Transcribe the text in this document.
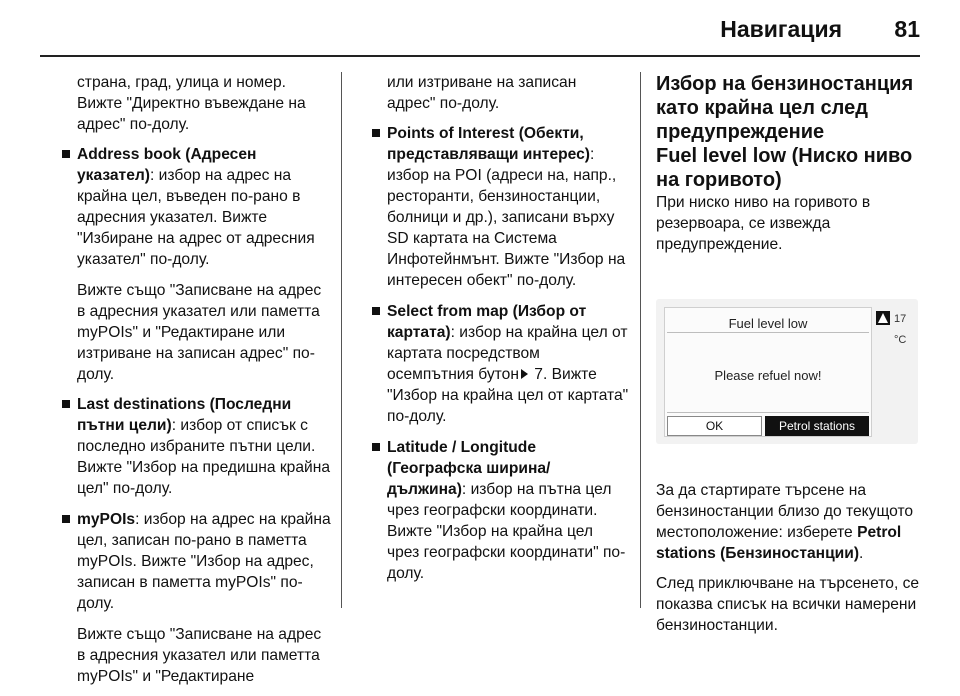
Навигация 81

страна, град, улица и номер. Вижте "Директно въвеждане на адрес" по-долу.

Address book (Адресен указател): избор на адрес на крайна цел, въведен по-рано в адресния указател. Вижте "Избиране на адрес от адресния указател" по-долу.

Вижте също "Записване на адрес в адресния указател или паметта myPOIs" и "Редактиране или изтриване на записан адрес" по-долу.

Last destinations (Последни пътни цели): избор от списък с последно избраните пътни цели. Вижте "Избор на предишна крайна цел" по-долу.
myPOIs: избор на адрес на крайна цел, записан по-рано в паметта myPOIs. Вижте "Избор на адрес, записан в паметта myPOIs" по-долу.

Вижте също "Записване на адрес в адресния указател или паметта myPOIs" и "Редактиране

или изтриване на записан адрес" по-долу.

Points of Interest (Обекти, представляващи интерес): избор на POI (адреси на, напр., ресторанти, бензиностанции, болници и др.), записани върху SD картата на Система Инфотейнмънт. Вижте "Избор на интересен обект" по-долу.
Select from map (Избор от картата): избор на крайна цел от картата посредством осемпътния бутон 7. Вижте "Избор на крайна цел от картата" по-долу.
Latitude / Longitude (Географска ширина/дължина): избор на пътна цел чрез географски координати. Вижте "Избор на крайна цел чрез географски координати" по-долу.
Избор на бензиностанция като крайна цел след предупреждение
Fuel level low (Ниско ниво на горивото)

При ниско ниво на горивото в резервоара, се извежда предупреждение.

Fuel level low
Please refuel now!
OK	Petrol stations
17 °C

За да стартирате търсене на бензиностанции близо до текущото местоположение: изберете Petrol stations (Бензиностанции).

След приключване на търсенето, се показва списък на всички намерени бензиностанции.
